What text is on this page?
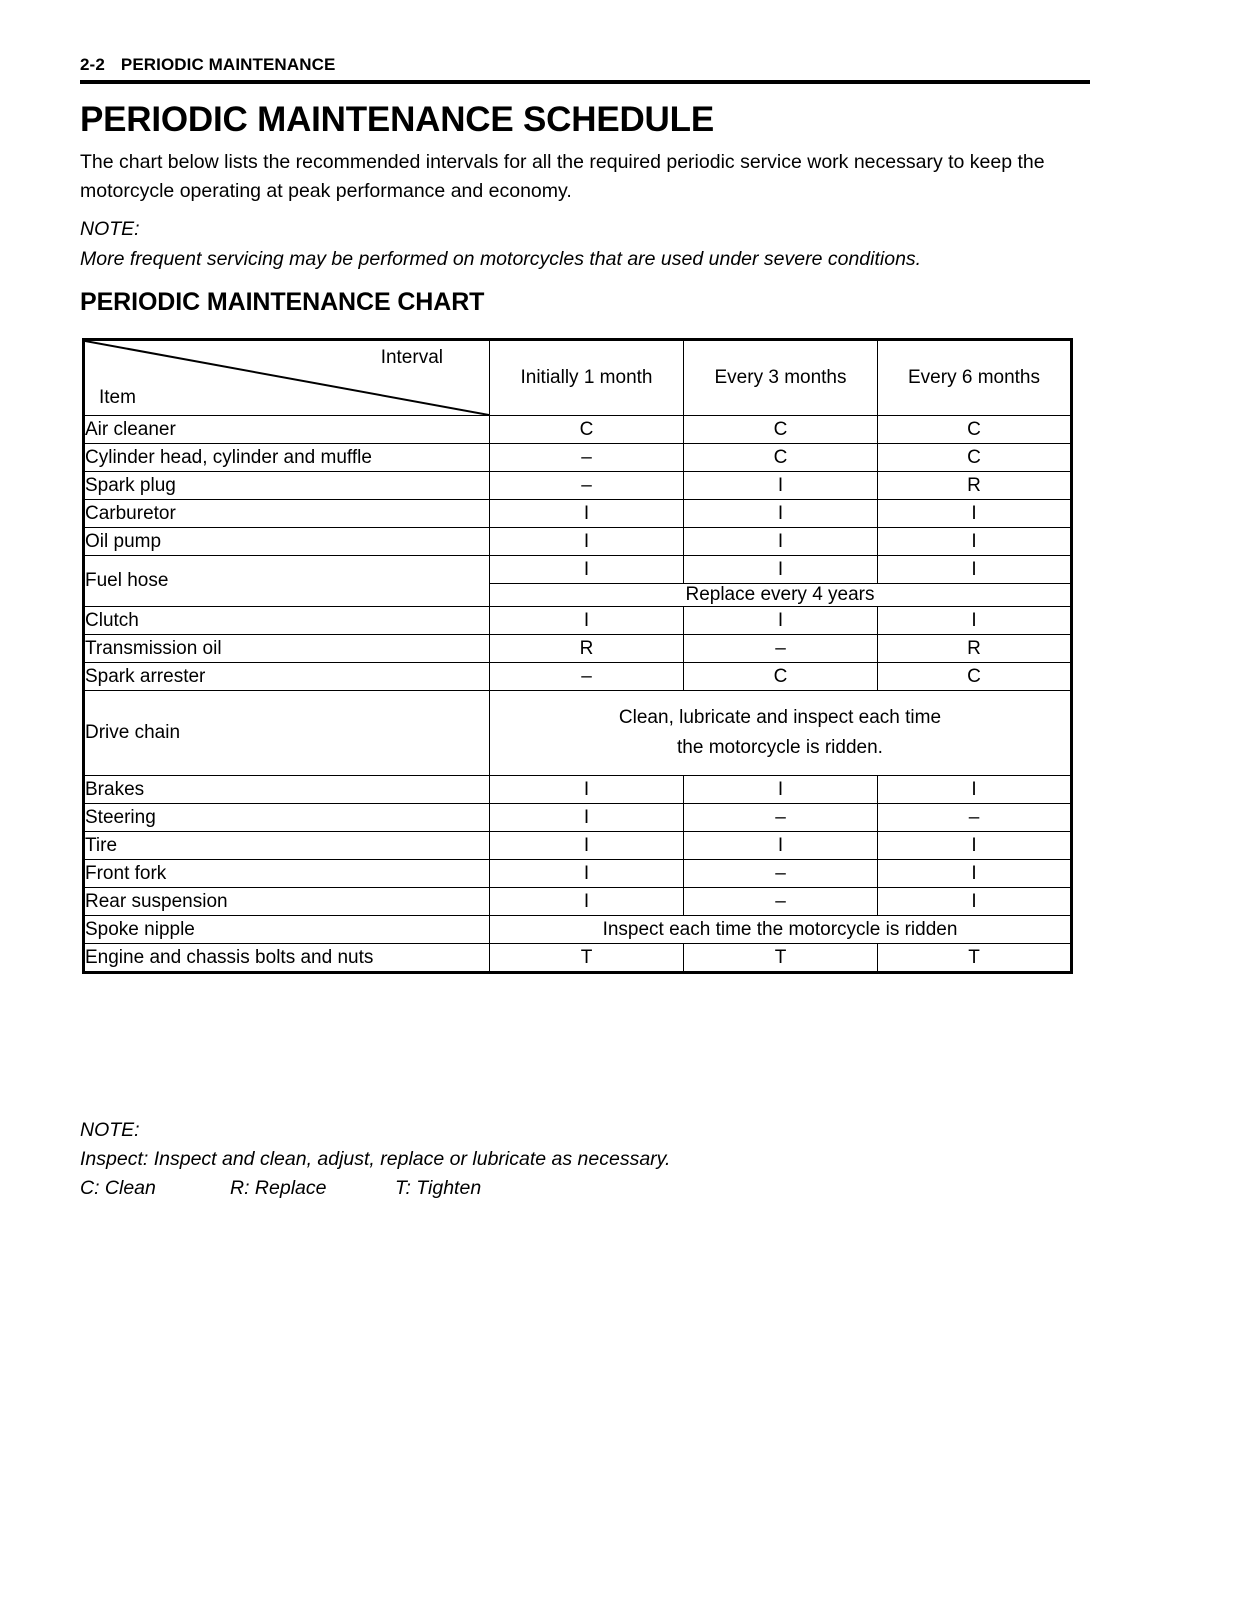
2-2 PERIODIC MAINTENANCE
PERIODIC MAINTENANCE SCHEDULE
The chart below lists the recommended intervals for all the required periodic service work necessary to keep the motorcycle operating at peak performance and economy.
NOTE:
More frequent servicing may be performed on motorcycles that are used under severe conditions.
PERIODIC MAINTENANCE CHART
Interval
Item	Initially 1 month	Every 3 months	Every 6 months
Air cleaner	C	C	C
Cylinder head, cylinder and muffle	–	C	C
Spark plug	–	I	R
Carburetor	I	I	I
Oil pump	I	I	I
Fuel hose	I	I	I
	Replace every 4 years		
Clutch	I	I	I
Transmission oil	R	–	R
Spark arrester	–	C	C
Drive chain	Clean, lubricate and inspect each time
the motorcycle is ridden.		

Brakes	I	I	I
Steering	I	–	–
Tire	I	I	I
Front fork	I	–	I
Rear suspension	I	–	I
Spoke nipple	Inspect each time the motorcycle is ridden		
Engine and chassis bolts and nuts	T	T	T
NOTE:
Inspect: Inspect and clean, adjust, replace or lubricate as necessary.
C: Clean	R: Replace	T: Tighten
